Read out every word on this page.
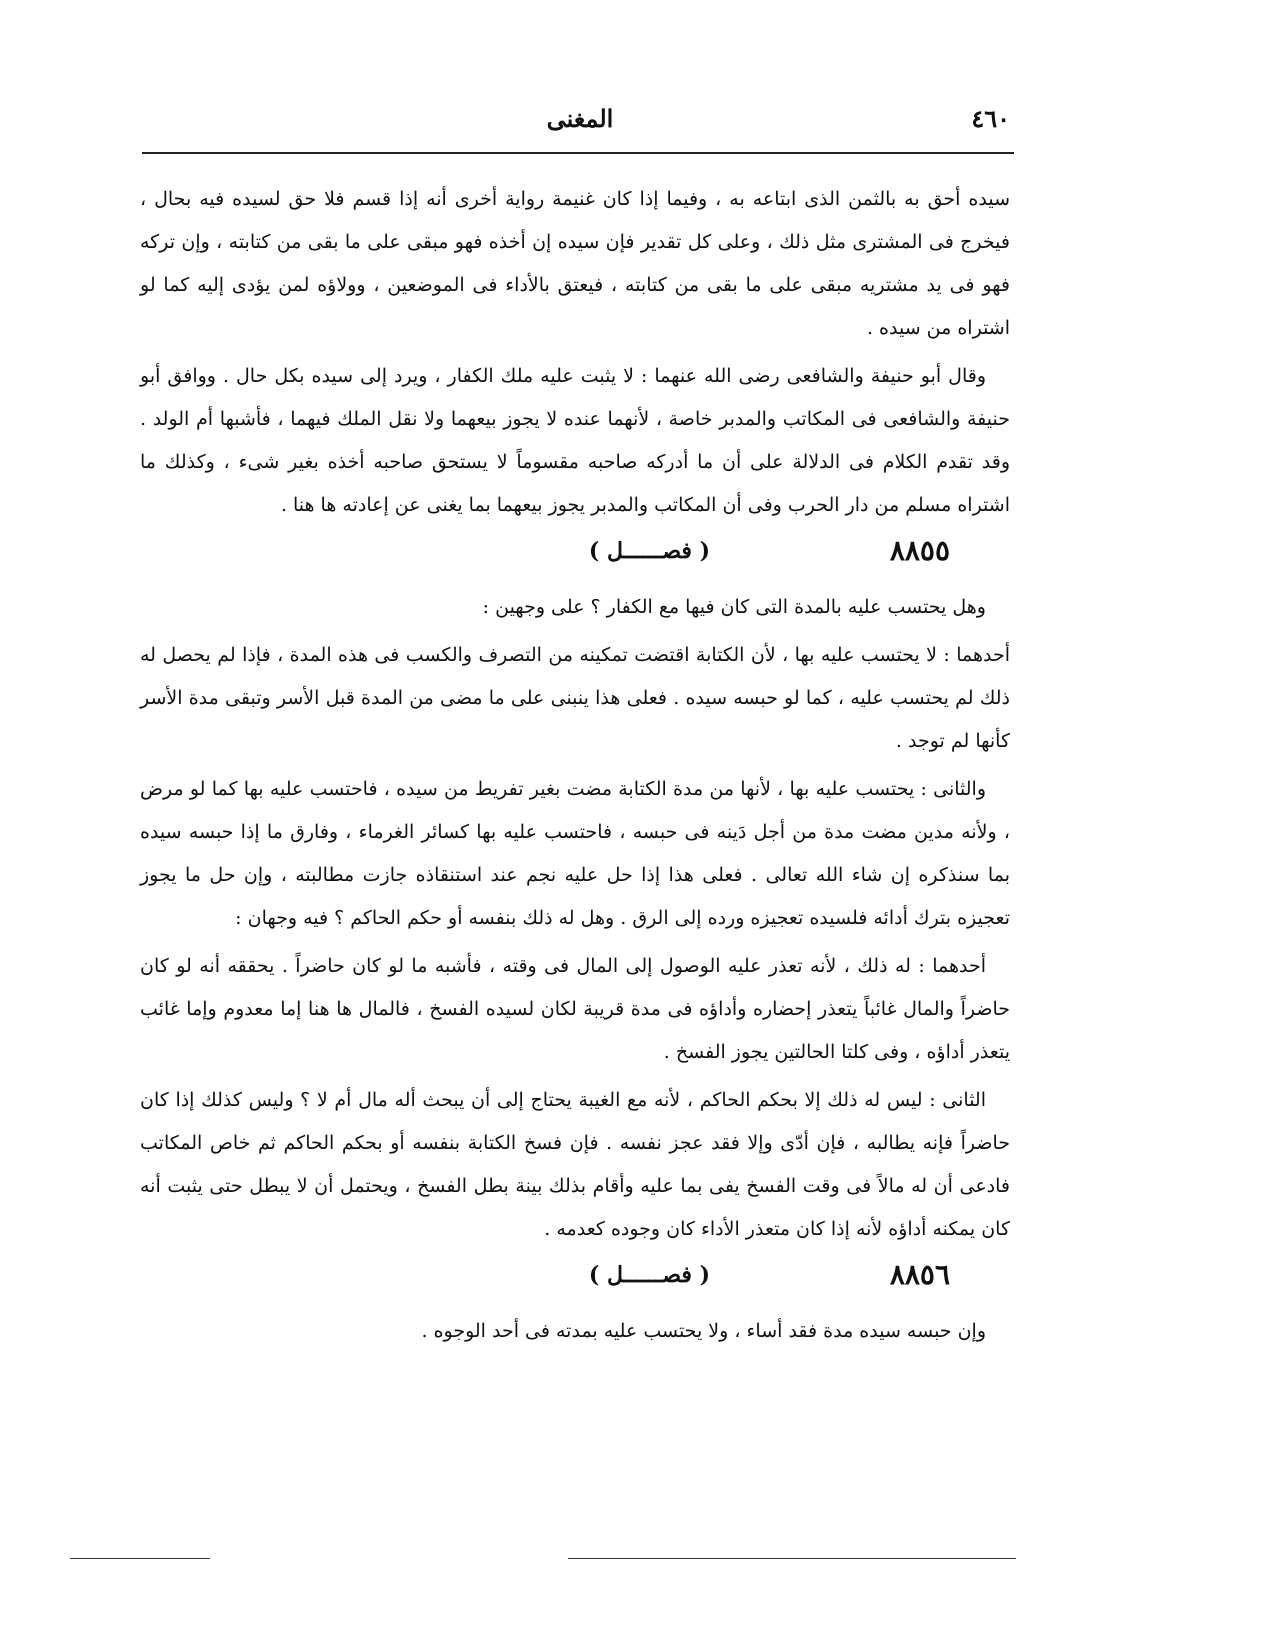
٤٦٠
المغنى

سيده أحق به بالثمن الذى ابتاعه به ، وفيما إذا كان غنيمة رواية أخرى أنه إذا قسم فلا حق لسيده فيه بحال ، فيخرج فى المشترى مثل ذلك ، وعلى كل تقدير فإن سيده إن أخذه فهو مبقى على ما بقى من كتابته ، وإن تركه فهو فى يد مشتريه مبقى على ما بقى من كتابته ، فيعتق بالأداء فى الموضعين ، وولاؤه لمن يؤدى إليه كما لو اشتراه من سيده .

وقال أبو حنيفة والشافعى رضى الله عنهما : لا يثبت عليه ملك الكفار ، ويرد إلى سيده بكل حال . ووافق أبو حنيفة والشافعى فى المكاتب والمدبر خاصة ، لأنهما عنده لا يجوز بيعهما ولا نقل الملك فيهما ، فأشبها أم الولد . وقد تقدم الكلام فى الدلالة على أن ما أدركه صاحبه مقسوماً لا يستحق صاحبه أخذه بغير شىء ، وكذلك ما اشتراه مسلم من دار الحرب وفى أن المكاتب والمدبر يجوز بيعهما بما يغنى عن إعادته ها هنا .

٨٨٥٥
( فصــــــل )

وهل يحتسب عليه بالمدة التى كان فيها مع الكفار ؟ على وجهين :

أحدهما : لا يحتسب عليه بها ، لأن الكتابة اقتضت تمكينه من التصرف والكسب فى هذه المدة ، فإذا لم يحصل له ذلك لم يحتسب عليه ، كما لو حبسه سيده . فعلى هذا ينبنى على ما مضى من المدة قبل الأسر وتبقى مدة الأسر كأنها لم توجد .

والثانى : يحتسب عليه بها ، لأنها من مدة الكتابة مضت بغير تفريط من سيده ، فاحتسب عليه بها كما لو مرض ، ولأنه مدين مضت مدة من أجل دَينه فى حبسه ، فاحتسب عليه بها كسائر الغرماء ، وفارق ما إذا حبسه سيده بما سنذكره إن شاء الله تعالى . فعلى هذا إذا حل عليه نجم عند استنقاذه جازت مطالبته ، وإن حل ما يجوز تعجيزه بترك أدائه فلسيده تعجيزه ورده إلى الرق . وهل له ذلك بنفسه أو حكم الحاكم ؟ فيه وجهان :

أحدهما : له ذلك ، لأنه تعذر عليه الوصول إلى المال فى وقته ، فأشبه ما لو كان حاضراً . يحققه أنه لو كان حاضراً والمال غائباً يتعذر إحضاره وأداؤه فى مدة قريبة لكان لسيده الفسخ ، فالمال ها هنا إما معدوم وإما غائب يتعذر أداؤه ، وفى كلتا الحالتين يجوز الفسخ .

الثانى : ليس له ذلك إلا بحكم الحاكم ، لأنه مع الغيبة يحتاج إلى أن يبحث أله مال أم لا ؟ وليس كذلك إذا كان حاضراً فإنه يطالبه ، فإن أدّى وإلا فقد عجز نفسه . فإن فسخ الكتابة بنفسه أو بحكم الحاكم ثم خاص المكاتب فادعى أن له مالاً فى وقت الفسخ يفى بما عليه وأقام بذلك بينة بطل الفسخ ، ويحتمل أن لا يبطل حتى يثبت أنه كان يمكنه أداؤه لأنه إذا كان متعذر الأداء كان وجوده كعدمه .

٨٨٥٦
( فصــــــل )

وإن حبسه سيده مدة فقد أساء ، ولا يحتسب عليه بمدته فى أحد الوجوه .
